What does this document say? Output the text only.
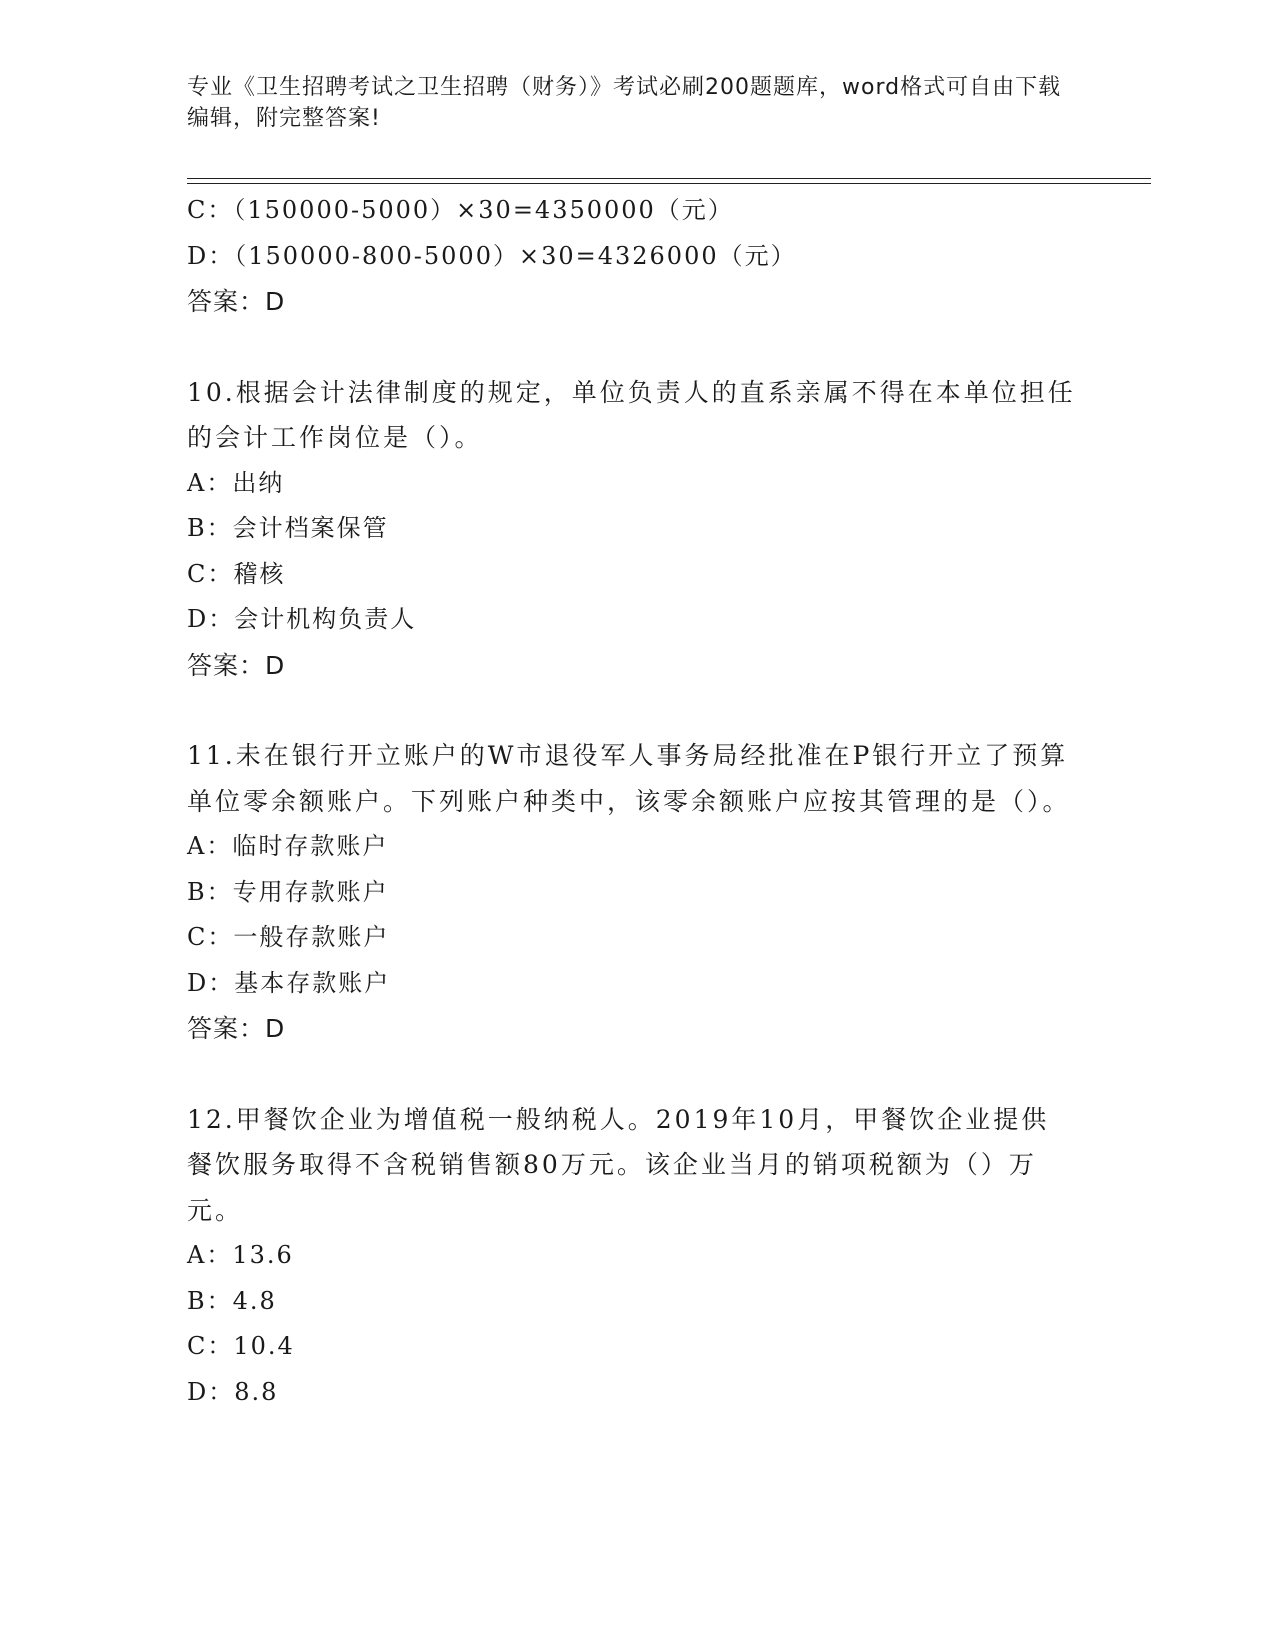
专业《卫生招聘考试之卫生招聘（财务）》考试必刷200题题库，word格式可自由下载编辑，附完整答案!
C：（150000-5000）×30=4350000（元）
D：（150000-800-5000）×30=4326000（元）
答案：D
10.根据会计法律制度的规定，单位负责人的直系亲属不得在本单位担任的会计工作岗位是（）。
A：出纳
B：会计档案保管
C：稽核
D：会计机构负责人
答案：D
11.未在银行开立账户的W市退役军人事务局经批准在P银行开立了预算单位零余额账户。下列账户种类中，该零余额账户应按其管理的是（）。
A：临时存款账户
B：专用存款账户
C：一般存款账户
D：基本存款账户
答案：D
12.甲餐饮企业为增值税一般纳税人。2019年10月，甲餐饮企业提供餐饮服务取得不含税销售额80万元。该企业当月的销项税额为（）万元。
A：13.6
B：4.8
C：10.4
D：8.8
